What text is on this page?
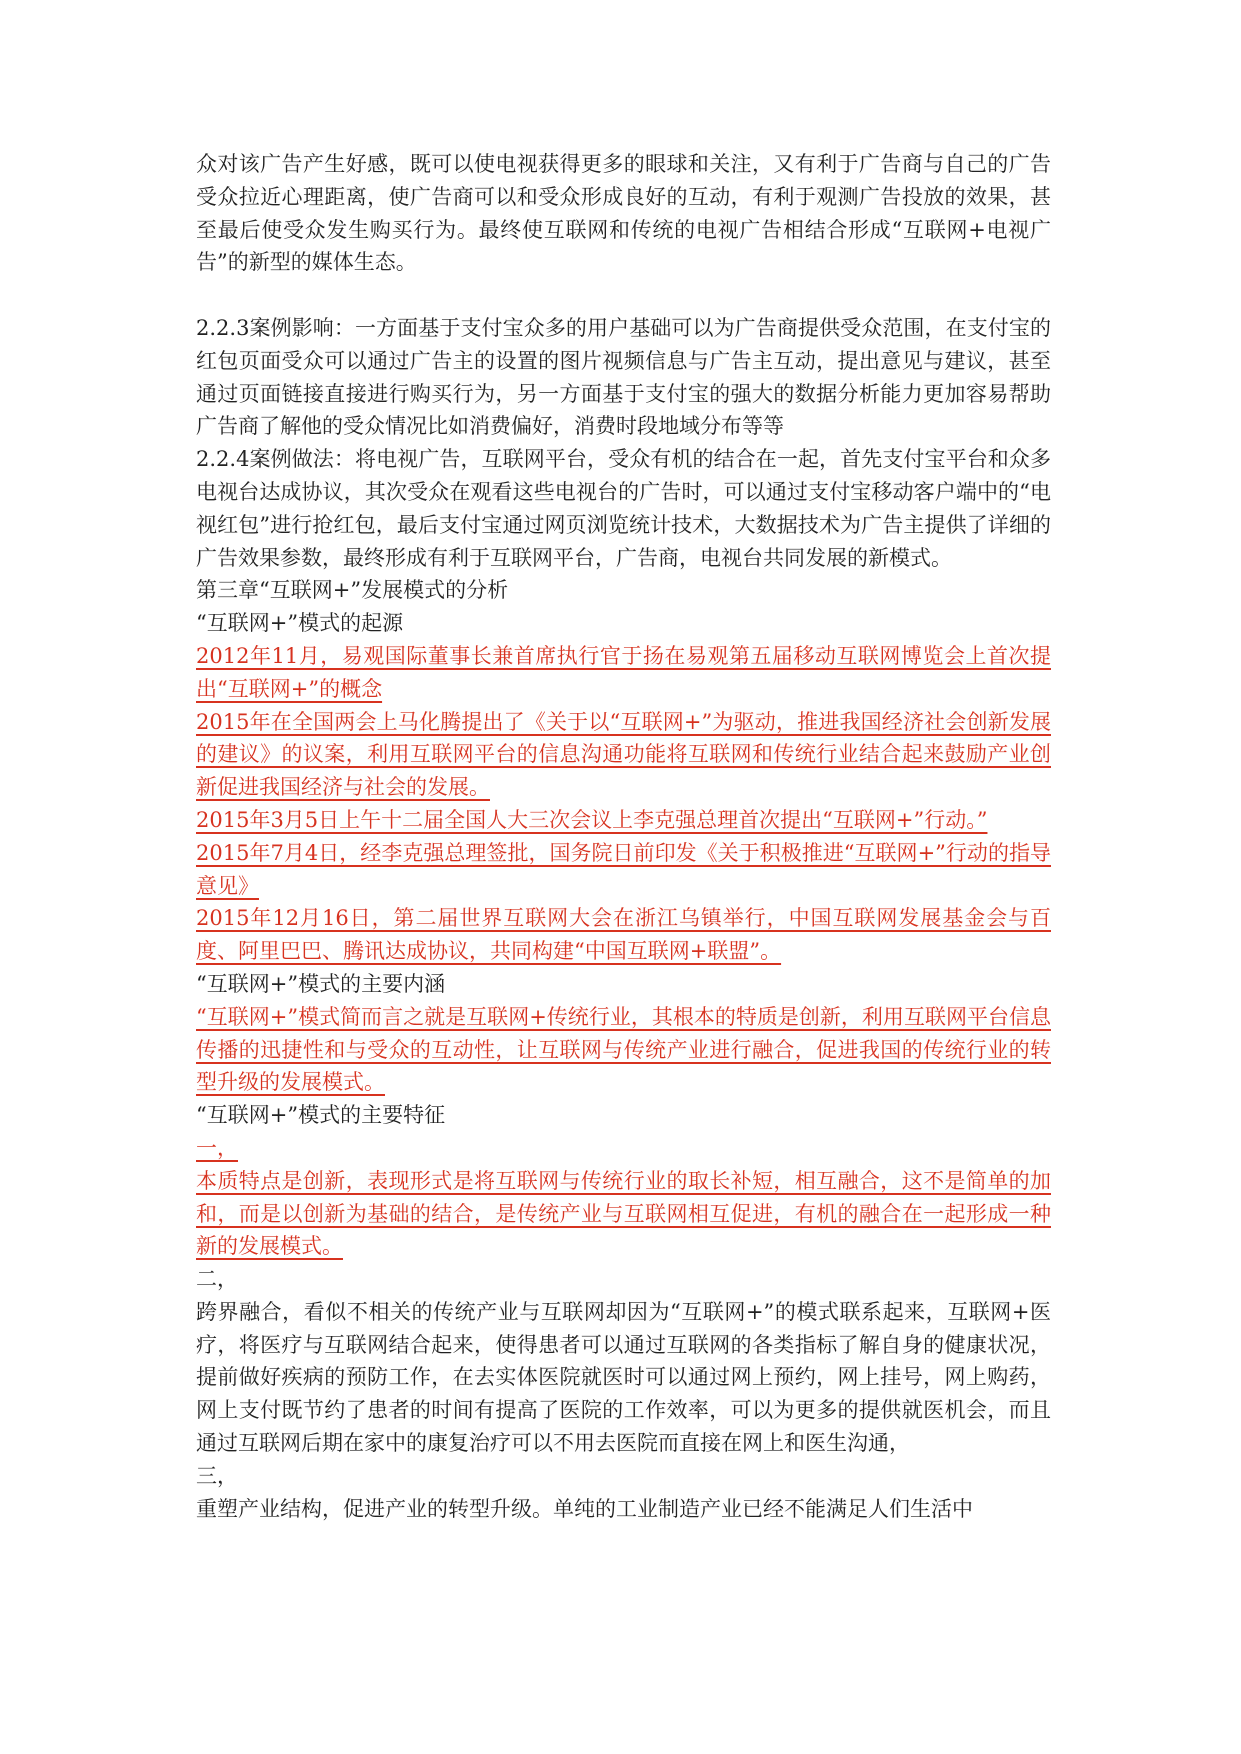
众对该广告产生好感，既可以使电视获得更多的眼球和关注，又有利于广告商与自己的广告受众拉近心理距离，使广告商可以和受众形成良好的互动，有利于观测广告投放的效果，甚至最后使受众发生购买行为。最终使互联网和传统的电视广告相结合形成“互联网+电视广告”的新型的媒体生态。

2.2.3案例影响：一方面基于支付宝众多的用户基础可以为广告商提供受众范围，在支付宝的红包页面受众可以通过广告主的设置的图片视频信息与广告主互动，提出意见与建议，甚至通过页面链接直接进行购买行为，另一方面基于支付宝的强大的数据分析能力更加容易帮助广告商了解他的受众情况比如消费偏好，消费时段地域分布等等

2.2.4案例做法：将电视广告，互联网平台，受众有机的结合在一起，首先支付宝平台和众多电视台达成协议，其次受众在观看这些电视台的广告时，可以通过支付宝移动客户端中的“电视红包”进行抢红包，最后支付宝通过网页浏览统计技术，大数据技术为广告主提供了详细的广告效果参数，最终形成有利于互联网平台，广告商，电视台共同发展的新模式。

第三章“互联网+”发展模式的分析

“互联网+”模式的起源

2012年11月，易观国际董事长兼首席执行官于扬在易观第五届移动互联网博览会上首次提出“互联网+”的概念

2015年在全国两会上马化腾提出了《关于以“互联网+”为驱动，推进我国经济社会创新发展的建议》的议案，利用互联网平台的信息沟通功能将互联网和传统行业结合起来鼓励产业创新促进我国经济与社会的发展。

2015年3月5日上午十二届全国人大三次会议上李克强总理首次提出“互联网+”行动。”

2015年7月4日，经李克强总理签批，国务院日前印发《关于积极推进“互联网+”行动的指导意见》

2015年12月16日，第二届世界互联网大会在浙江乌镇举行，中国互联网发展基金会与百度、阿里巴巴、腾讯达成协议，共同构建“中国互联网+联盟”。

“互联网+”模式的主要内涵

“互联网+”模式简而言之就是互联网+传统行业，其根本的特质是创新，利用互联网平台信息传播的迅捷性和与受众的互动性，让互联网与传统产业进行融合，促进我国的传统行业的转型升级的发展模式。

“互联网+”模式的主要特征

一，

本质特点是创新，表现形式是将互联网与传统行业的取长补短，相互融合，这不是简单的加和，而是以创新为基础的结合，是传统产业与互联网相互促进，有机的融合在一起形成一种新的发展模式。

二，

跨界融合，看似不相关的传统产业与互联网却因为“互联网+”的模式联系起来，互联网+医疗，将医疗与互联网结合起来，使得患者可以通过互联网的各类指标了解自身的健康状况，提前做好疾病的预防工作，在去实体医院就医时可以通过网上预约，网上挂号，网上购药，网上支付既节约了患者的时间有提高了医院的工作效率，可以为更多的提供就医机会，而且通过互联网后期在家中的康复治疗可以不用去医院而直接在网上和医生沟通，

三，

重塑产业结构，促进产业的转型升级。单纯的工业制造产业已经不能满足人们生活中
